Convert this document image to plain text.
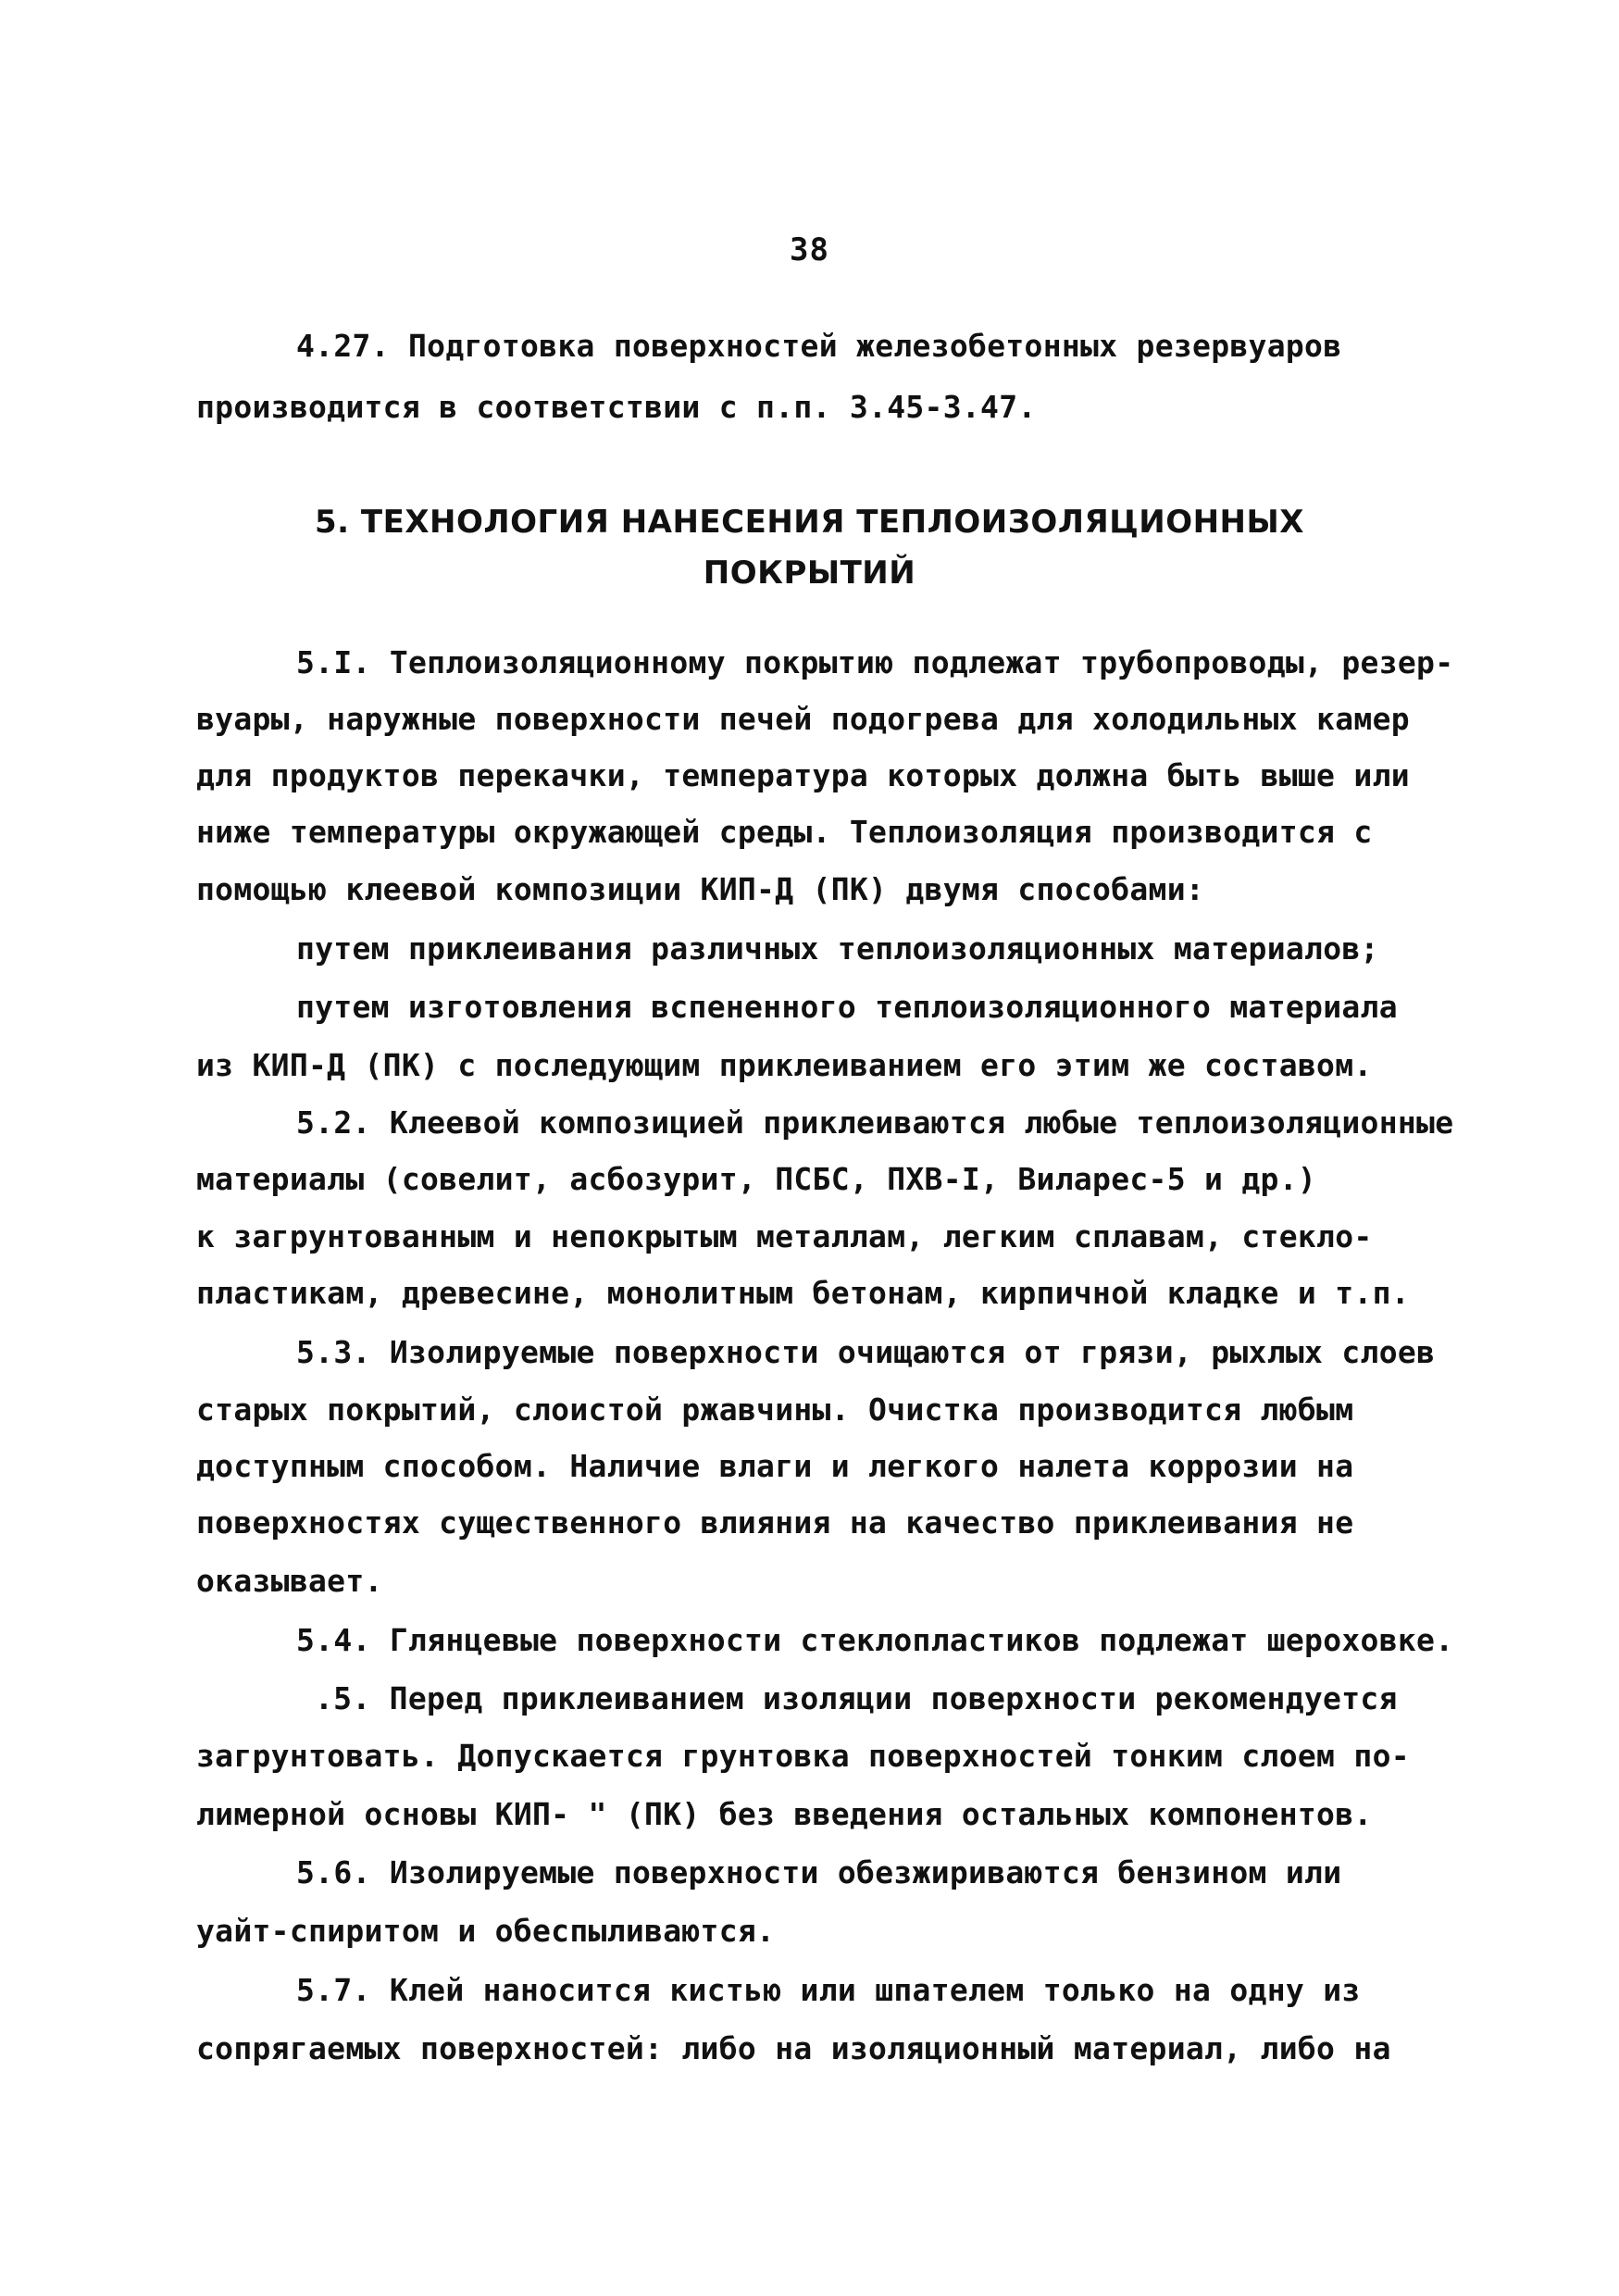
38
4.27. Подготовка поверхностей железобетонных резервуаров
производится в соответствии с п.п. 3.45-3.47.
5. ТЕХНОЛОГИЯ НАНЕСЕНИЯ ТЕПЛОИЗОЛЯЦИОННЫХ
ПОКРЫТИЙ
5.I. Теплоизоляционному покрытию подлежат трубопроводы, резер-
вуары, наружные поверхности печей подогрева для холодильных камер
для продуктов перекачки, температура которых должна быть выше или
ниже температуры окружающей среды. Теплоизоляция производится с
помощью клеевой композиции КИП-Д (ПК) двумя способами:
путем приклеивания различных теплоизоляционных материалов;
путем изготовления вспененного теплоизоляционного материала
из КИП-Д (ПК) с последующим приклеиванием его этим же составом.
5.2. Клеевой композицией приклеиваются любые теплоизоляционные
материалы (совелит, асбозурит, ПСБС, ПХВ-I, Виларес-5 и др.)
к загрунтованным и непокрытым металлам, легким сплавам, стекло-
пластикам, древесине, монолитным бетонам, кирпичной кладке и т.п.
5.3. Изолируемые поверхности очищаются от грязи, рыхлых слоев
старых покрытий, слоистой ржавчины. Очистка производится любым
доступным способом. Наличие влаги и легкого налета коррозии на
поверхностях существенного влияния на качество приклеивания не
оказывает.
5.4. Глянцевые поверхности стеклопластиков подлежат шероховке.
.5. Перед приклеиванием изоляции поверхности рекомендуется
загрунтовать. Допускается грунтовка поверхностей тонким слоем по-
лимерной основы КИП- " (ПК) без введения остальных компонентов.
5.6. Изолируемые поверхности обезжириваются бензином или
уайт-спиритом и обеспыливаются.
5.7. Клей наносится кистью или шпателем только на одну из
сопрягаемых поверхностей: либо на изоляционный материал, либо на
